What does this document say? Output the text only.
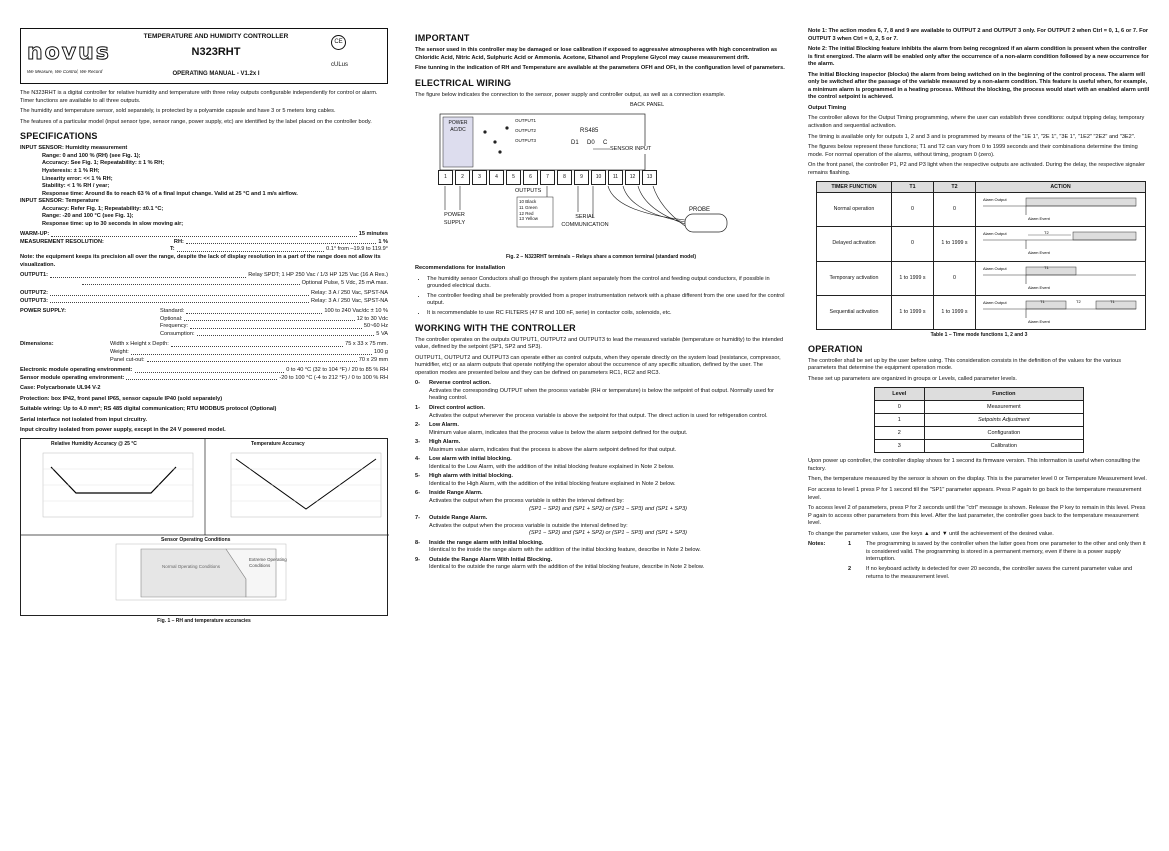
novus
We Measure, We Control, We Record
TEMPERATURE AND HUMIDITY CONTROLLER
N323RHT
OPERATING MANUAL - V1.2x I
CE
cULus

The N323RHT is a digital controller for relative humidity and temperature with three relay outputs configurable independently for control or alarm. Timer functions are available to all three outputs.

The humidity and temperature sensor, sold separately, is protected by a polyamide capsule and have 3 or 5 meters long cables.

The features of a particular model (input sensor type, sensor range, power supply, etc) are identified by the label placed on the controller body.

SPECIFICATIONS
INPUT SENSOR: Humidity measurement
Range: 0 and 100 % (RH) (see Fig. 1);
Accuracy: See Fig. 1; Repeatability: ± 1 % RH;
Hysteresis: ± 1 % RH;
Linearity error: << 1 % RH;
Stability: < 1 % RH / year;
Response time: Around 8s to reach 63 % of a final input change. Valid at 25 °C and 1 m/s airflow.
INPUT SENSOR: Temperature
Accuracy: Refer Fig. 1; Repeatability: ±0.1 °C;
Range: -20 and 100 °C (see Fig. 1);
Response time: up to 30 seconds in slow moving air;
WARM-UP:	15 minutes
MEASUREMENT RESOLUTION:	RH:	1 %
T:	0.1° from –19.9 to 119.9°

Note: the equipment keeps its precision all over the range, despite the lack of display resolution in a part of the range does not allow its visualization.

OUTPUT1:	Relay SPDT; 1 HP 250 Vac / 1/3 HP 125 Vac (16 A Res.)
Optional Pulse, 5 Vdc, 25 mA max.
OUTPUT2:	Relay: 3 A / 250 Vac, SPST-NA
OUTPUT3:	Relay: 3 A / 250 Vac, SPST-NA
POWER SUPPLY:	Standard:	100 to 240 Vac/dc ± 10 %
Optional:	12 to 30 Vdc
Frequency:	50~60 Hz
Consumption:	5 VA
Dimensions:	Width x Height x Depth:	75 x 33 x 75 mm.
Weight:	100 g
Panel cut-out:	70 x 29 mm
Electronic module operating environment:	0 to 40 °C (32 to 104 °F) / 20 to 85 % RH
Sensor module operating environment:	-20 to 100 °C (-4 to 212 °F) / 0 to 100 % RH

Case: Polycarbonate UL94 V-2

Protection: box IP42, front panel IP65, sensor capsule IP40 (sold separately)

Suitable wiring: Up to 4.0 mm²; RS 485 digital communication; RTU MODBUS protocol (Optional)

Serial interface not isolated from input circuitry.

Input circuitry isolated from power supply, except in the 24 V powered model.

Relative Humidity Accuracy @ 25 °C	Temperature Accuracy
Sensor Operating Conditions
Normal Operating Conditions
Extreme Operating Conditions
Fig. 1 – RH and temperature accuracies
IMPORTANT

The sensor used in this controller may be damaged or lose calibration if exposed to aggressive atmospheres with high concentration as Chloridic Acid, Nitric Acid, Sulphuric Acid or Ammonia. Acetone, Ethanol and Propylene Glycol may cause measurement drift.

Fine tunning in the indication of RH and Temperature are available at the parameters OFH and OFt, in the configuration level of parameters.

ELECTRICAL WIRING

The figure below indicates the connection to the sensor, power supply and controller output, as well as a connection example.

BACK PANEL
POWER AC/DC
OUTPUT1
OUTPUT2
OUTPUT3
RS485
D1 D0 C
SENSOR INPUT
1	2	3	4	5	6	7	8	9	10	11	12	13
POWER SUPPLY
OUTPUTS
10 Black
11 Green
12 Red
13 Yellow	SERIAL COMMUNICATION
PROBE
Fig. 2 – N323RHT terminals – Relays share a common terminal (standard model)

Recommendations for installation

• The humidity sensor Conductors shall go through the system plant separately from the control and feeding output conductors, if possible in grounded electrical ducts.
• The controller feeding shall be preferably provided from a proper instrumentation network with a phase different from the one used for the control output.
• It is recommendable to use RC FILTERS (47 R and 100 nF, serie) in contactor coils, solenoids, etc.
WORKING WITH THE CONTROLLER

The controller operates on the outputs OUTPUT1, OUTPUT2 and OUTPUT3 to lead the measured variable (temperature or humidity) to the intended value, defined by the setpoint (SP1, SP2 and SP3).

OUTPUT1, OUTPUT2 and OUTPUT3 can operate either as control outputs, when they operate directly on the system load (resistance, compressor, humidifier, etc) or as alarm outputs that operate notifying the operator about the occurrence of any specific situation, defined by the user. The operation modes are presented below and they can be defined on parameters RC1, RC2 and RC3.

0-	Reverse control action.
Activates the corresponding OUTPUT when the process variable (RH or temperature) is below the setpoint of that output. Normally used for heating control.
1-	Direct control action.
Activates the output whenever the process variable is above the setpoint for that output. The direct action is used for refrigeration control.
2-	Low Alarm.
Minimum value alarm, indicates that the process value is below the alarm setpoint defined for the output.
3-	High Alarm.
Maximum value alarm, indicates that the process is above the alarm setpoint defined for that output.
4-	Low alarm with initial blocking.
Identical to the Low Alarm, with the addition of the initial blocking feature explained in Note 2 below.
5-	High alarm with initial blocking.
Identical to the High Alarm, with the addition of the initial blocking feature explained in Note 2 below.
6-	Inside Range Alarm.
Activates the output when the process variable is within the interval defined by:

(SP1 − SP2) and (SP1 + SP2) or (SP1 − SP3) and (SP1 + SP3)
7-	Outside Range Alarm.
Activates the output when the process variable is outside the interval defined by:

(SP1 − SP2) and (SP1 + SP2) or (SP1 − SP3) and (SP1 + SP3)
8-	Inside the range alarm with initial blocking.
Identical to the inside the range alarm with the addition of the initial blocking feature, describe in Note 2 below.
9-	Outside the Range Alarm With Initial Blocking.
Identical to the outside the range alarm with the addition of the initial blocking feature, describe in Note 2 below.

Note 1: The action modes 6, 7, 8 and 9 are available to OUTPUT 2 and OUTPUT 3 only. For OUTPUT 2 when Ctrl = 0, 1, 6 or 7. For OUTPUT 3 when Ctrl = 0, 2, 5 or 7.

Note 2: The initial Blocking feature inhibits the alarm from being recognized if an alarm condition is present when the controller is first energized. The alarm will be enabled only after the occurrence of a non-alarm condition followed by a new occurrence for the alarm.

The initial Blocking inspector (blocks) the alarm from being switched on in the beginning of the control process. The alarm will only be switched after the passage of the variable measured by a non-alarm condition. This feature is useful when, for example, a minimum alarm is programmed in a heating process. Without the blocking, the process would start with an enabled alarm until the control setpoint is achieved.

Output Timing

The controller allows for the Output Timing programming, where the user can establish three conditions: output tripping delay, temporary activation and sequential activation.

The timing is available only for outputs 1, 2 and 3 and is programmed by means of the "1E 1", "2E 1", "3E 1", "1E2" "2E2" and "3E2".

The figures below represent these functions; T1 and T2 can vary from 0 to 1999 seconds and their combinations determine the timing mode. For normal operation of the alarms, without timing, program 0 (zero).

On the front panel, the controller P1, P2 and P3 light when the respective outputs are activated. During the delay, the respective signaler remains flashing.

TIMER FUNCTION	T1	T2	ACTION
Normal operation	0	0	Alarm Output
Alarm Event

Delayed activation	0	1 to 1999 s	T2
Alarm Output
Alarm Event

Temporary activation	1 to 1999 s	0	T1
Alarm Output
Alarm Event

Sequential activation	1 to 1999 s	1 to 1999 s	T1 T2 T1
Alarm Output
Alarm Event
Table 1 – Time mode functions 1, 2 and 3
OPERATION

The controller shall be set up by the user before using. This consideration consists in the definition of the values for the various parameters that determine the equipment operation mode.

These set up parameters are organized in groups or Levels, called parameter levels.

Level	Function
0	Measurement
1	Setpoints Adjustment
2	Configuration
3	Calibration

Upon power up controller, the controller display shows for 1 second its firmware version. This information is useful when consulting the factory.

Then, the temperature measured by the sensor is shown on the display. This is the parameter level 0 or Temperature Measurement level.

For access to level 1 press P for 1 second till the "SP1" parameter appears. Press P again to go back to the temperature measurement level.

To access level 2 of parameters, press P for 2 seconds until the "ctrl" message is shown. Release the P key to remain in this level. Press P again to access other parameters from this level. After the last parameter, the controller goes back to the temperature measurement level.

To change the parameter values, use the keys ▲ and ▼ until the achievement of the desired value.

Notes:	1	The programming is saved by the controller when the latter goes from one parameter to the other and only then it is considered valid. The programming is stored in a permanent memory, even if there is a power supply interruption.
2	If no keyboard activity is detected for over 20 seconds, the controller saves the current parameter value and returns to the measurement level.
